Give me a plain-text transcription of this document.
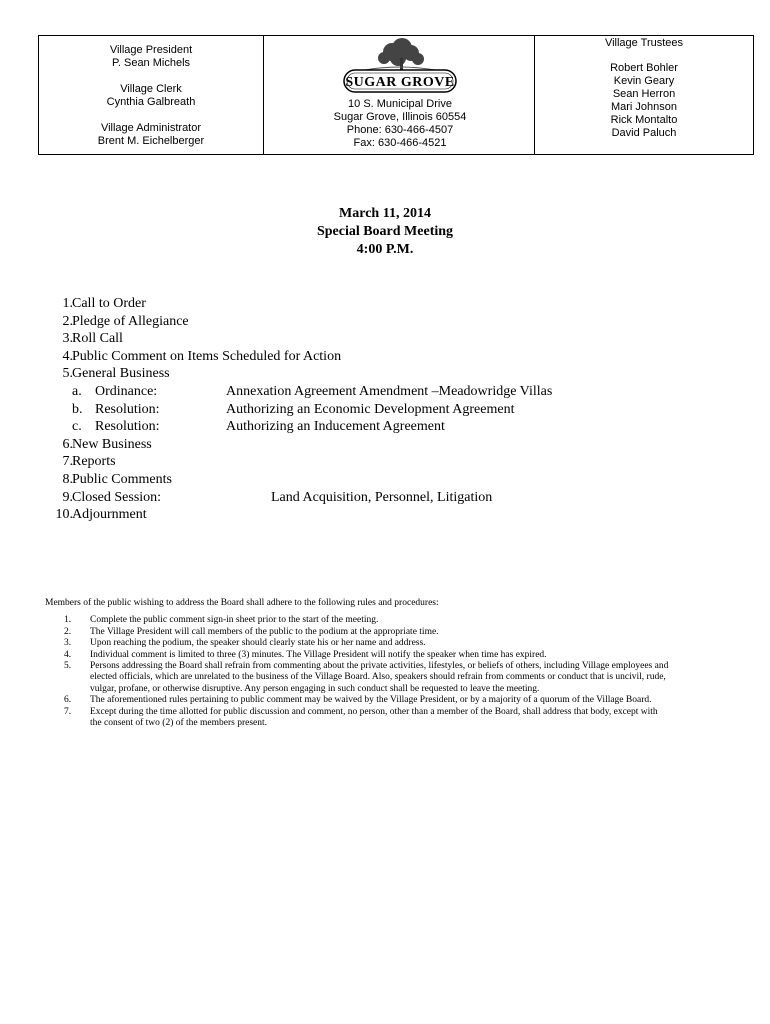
Village President
P. Sean Michels
Village Clerk
Cynthia Galbreath
Village Administrator
Brent M. Eichelberger
SUGAR GROVE
10 S. Municipal Drive
Sugar Grove, Illinois 60554
Phone: 630-466-4507
Fax: 630-466-4521
Village Trustees
Robert Bohler
Kevin Geary
Sean Herron
Mari Johnson
Rick Montalto
David Paluch
March 11, 2014
Special Board Meeting
4:00 P.M.
1. Call to Order
2. Pledge of Allegiance
3. Roll Call
4. Public Comment on Items Scheduled for Action
5. General Business
a. Ordinance:	Annexation Agreement Amendment –Meadowridge Villas
b. Resolution:	Authorizing an Economic Development Agreement
c. Resolution:	Authorizing an Inducement Agreement
6. New Business
7. Reports
8. Public Comments
9. Closed Session:	Land Acquisition, Personnel, Litigation
10. Adjournment
Members of the public wishing to address the Board shall adhere to the following rules and procedures:
1. Complete the public comment sign-in sheet prior to the start of the meeting.
2. The Village President will call members of the public to the podium at the appropriate time.
3. Upon reaching the podium, the speaker should clearly state his or her name and address.
4. Individual comment is limited to three (3) minutes. The Village President will notify the speaker when time has expired.
5. Persons addressing the Board shall refrain from commenting about the private activities, lifestyles, or beliefs of others, including Village employees and elected officials, which are unrelated to the business of the Village Board. Also, speakers should refrain from comments or conduct that is uncivil, rude, vulgar, profane, or otherwise disruptive. Any person engaging in such conduct shall be requested to leave the meeting.
6. The aforementioned rules pertaining to public comment may be waived by the Village President, or by a majority of a quorum of the Village Board.
7. Except during the time allotted for public discussion and comment, no person, other than a member of the Board, shall address that body, except with the consent of two (2) of the members present.
